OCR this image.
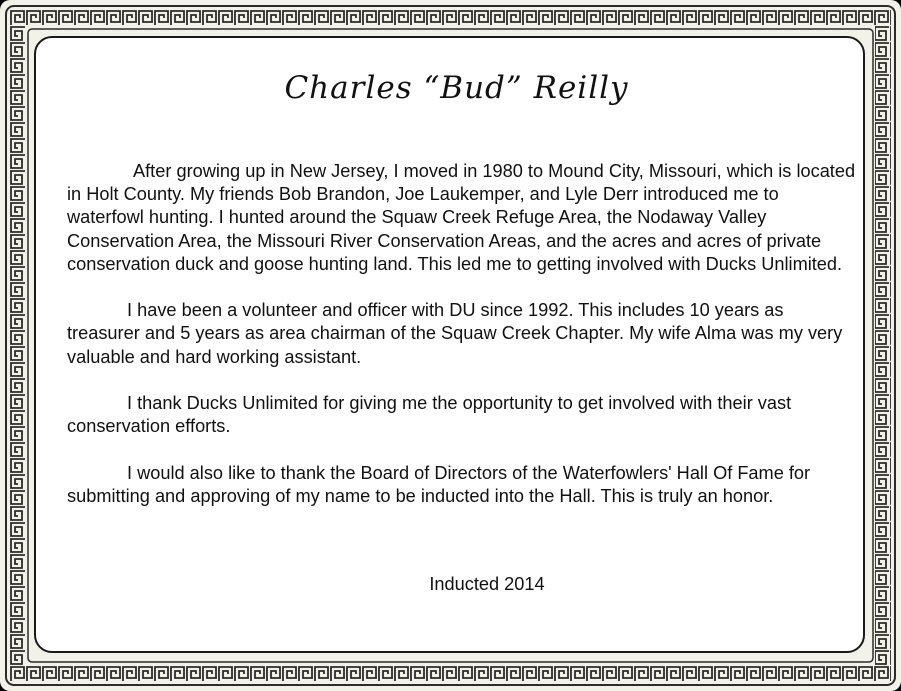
Charles “Bud” Reilly

After growing up in New Jersey, I moved in 1980 to Mound City, Missouri, which is located in Holt County. My friends Bob Brandon, Joe Laukemper, and Lyle Derr introduced me to waterfowl hunting. I hunted around the Squaw Creek Refuge Area, the Nodaway Valley Conservation Area, the Missouri River Conservation Areas, and the acres and acres of private conservation duck and goose hunting land. This led me to getting involved with Ducks Unlimited.

I have been a volunteer and officer with DU since 1992. This includes 10 years as treasurer and 5 years as area chairman of the Squaw Creek Chapter. My wife Alma was my very valuable and hard working assistant.

I thank Ducks Unlimited for giving me the opportunity to get involved with their vast conservation efforts.

I would also like to thank the Board of Directors of the Waterfowlers' Hall Of Fame for submitting and approving of my name to be inducted into the Hall. This is truly an honor.

Inducted 2014
